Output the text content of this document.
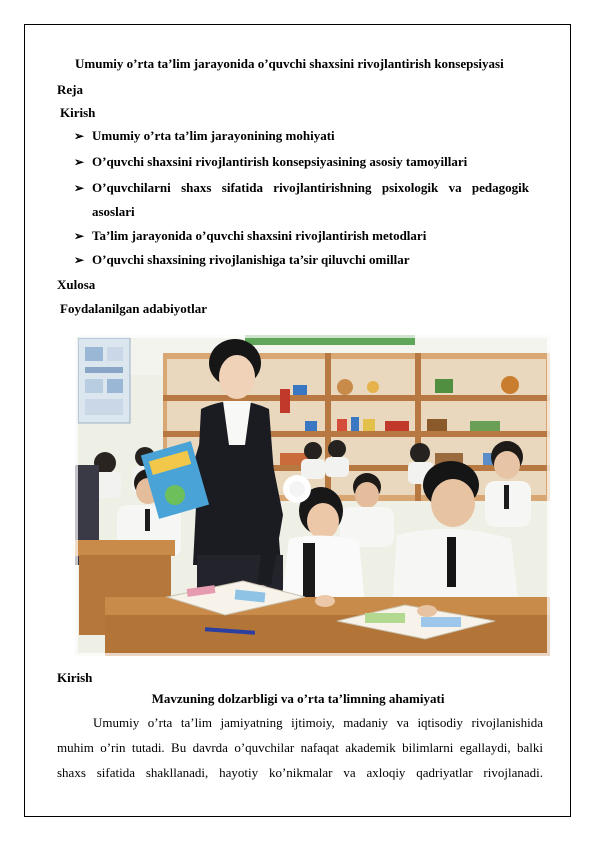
Umumiy o’rta ta’lim jarayonida o’quvchi shaxsini rivojlantirish konsepsiyasi
Reja
Kirish
➢ Umumiy o’rta ta’lim jarayonining mohiyati
➢ O’quvchi shaxsini rivojlantirish konsepsiyasining asosiy tamoyillari
➢ O’quvchilarni shaxs sifatida rivojlantirishning psixologik va pedagogik
asoslari
➢ Ta’lim jarayonida o’quvchi shaxsini rivojlantirish metodlari
➢ O’quvchi shaxsining rivojlanishiga ta’sir qiluvchi omillar
Xulosa
Foydalanilgan adabiyotlar
Kirish
Mavzuning dolzarbligi va o’rta ta’limning ahamiyati
Umumiy o’rta ta’lim jamiyatning ijtimoiy, madaniy va iqtisodiy rivojlanishida
muhim o’rin tutadi. Bu davrda o’quvchilar nafaqat akademik bilimlarni egallaydi, balki
shaxs sifatida shakllanadi, hayotiy ko’nikmalar va axloqiy qadriyatlar rivojlanadi.
